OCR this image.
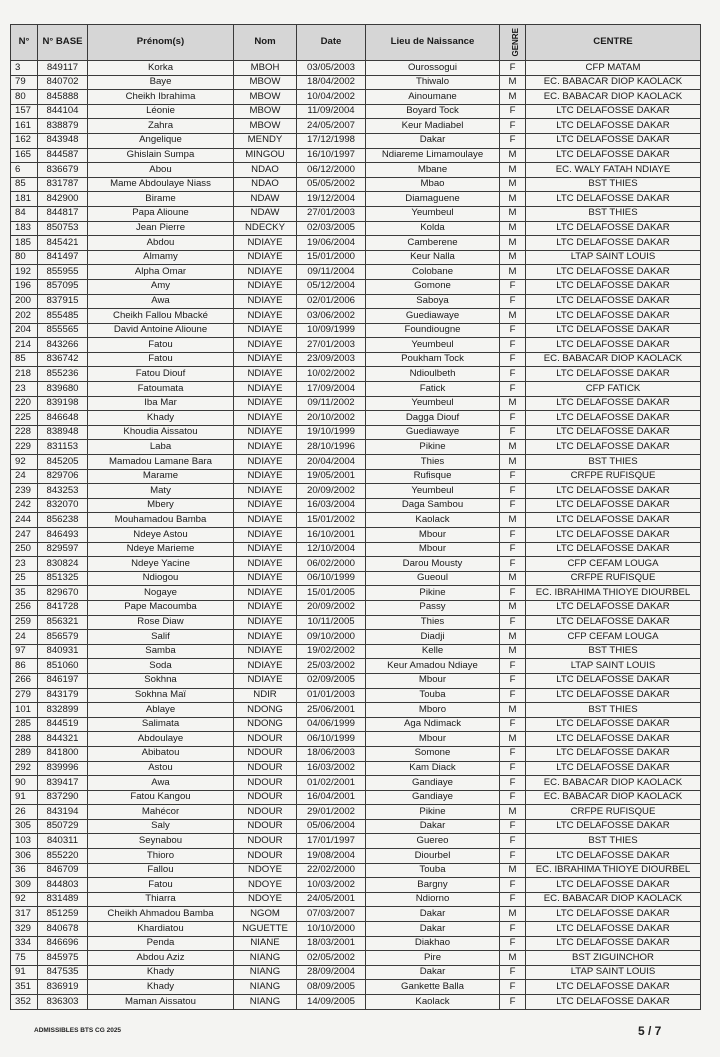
N°	N° BASE	Prénom(s)	Nom	Date	Lieu de Naissance	GENRE	CENTRE
3	849117	Korka	MBOH	03/05/2003	Ourossogui	F	CFP MATAM
79	840702	Baye	MBOW	18/04/2002	Thiwalo	M	EC. BABACAR DIOP KAOLACK
80	845888	Cheikh Ibrahima	MBOW	10/04/2002	Ainoumane	M	EC. BABACAR DIOP KAOLACK
157	844104	Léonie	MBOW	11/09/2004	Boyard Tock	F	LTC DELAFOSSE DAKAR
161	838879	Zahra	MBOW	24/05/2007	Keur Madiabel	F	LTC DELAFOSSE DAKAR
162	843948	Angelique	MENDY	17/12/1998	Dakar	F	LTC DELAFOSSE DAKAR
165	844587	Ghislain Sumpa	MINGOU	16/10/1997	Ndiareme Limamoulaye	M	LTC DELAFOSSE DAKAR
6	836679	Abou	NDAO	06/12/2000	Mbane	M	EC. WALY FATAH NDIAYE
85	831787	Mame Abdoulaye Niass	NDAO	05/05/2002	Mbao	M	BST THIES
181	842900	Birame	NDAW	19/12/2004	Diamaguene	M	LTC DELAFOSSE DAKAR
84	844817	Papa Alioune	NDAW	27/01/2003	Yeumbeul	M	BST THIES
183	850753	Jean Pierre	NDECKY	02/03/2005	Kolda	M	LTC DELAFOSSE DAKAR
185	845421	Abdou	NDIAYE	19/06/2004	Camberene	M	LTC DELAFOSSE DAKAR
80	841497	Almamy	NDIAYE	15/01/2000	Keur Nalla	M	LTAP SAINT LOUIS
192	855955	Alpha Omar	NDIAYE	09/11/2004	Colobane	M	LTC DELAFOSSE DAKAR
196	857095	Amy	NDIAYE	05/12/2004	Gomone	F	LTC DELAFOSSE DAKAR
200	837915	Awa	NDIAYE	02/01/2006	Saboya	F	LTC DELAFOSSE DAKAR
202	855485	Cheikh Fallou Mbacké	NDIAYE	03/06/2002	Guediawaye	M	LTC DELAFOSSE DAKAR
204	855565	David Antoine Alioune	NDIAYE	10/09/1999	Foundiougne	F	LTC DELAFOSSE DAKAR
214	843266	Fatou	NDIAYE	27/01/2003	Yeumbeul	F	LTC DELAFOSSE DAKAR
85	836742	Fatou	NDIAYE	23/09/2003	Poukham Tock	F	EC. BABACAR DIOP KAOLACK
218	855236	Fatou Diouf	NDIAYE	10/02/2002	Ndioulbeth	F	LTC DELAFOSSE DAKAR
23	839680	Fatoumata	NDIAYE	17/09/2004	Fatick	F	CFP FATICK
220	839198	Iba Mar	NDIAYE	09/11/2002	Yeumbeul	M	LTC DELAFOSSE DAKAR
225	846648	Khady	NDIAYE	20/10/2002	Dagga Diouf	F	LTC DELAFOSSE DAKAR
228	838948	Khoudia Aissatou	NDIAYE	19/10/1999	Guediawaye	F	LTC DELAFOSSE DAKAR
229	831153	Laba	NDIAYE	28/10/1996	Pikine	M	LTC DELAFOSSE DAKAR
92	845205	Mamadou Lamane Bara	NDIAYE	20/04/2004	Thies	M	BST THIES
24	829706	Marame	NDIAYE	19/05/2001	Rufisque	F	CRFPE RUFISQUE
239	843253	Maty	NDIAYE	20/09/2002	Yeumbeul	F	LTC DELAFOSSE DAKAR
242	832070	Mbery	NDIAYE	16/03/2004	Daga Sambou	F	LTC DELAFOSSE DAKAR
244	856238	Mouhamadou Bamba	NDIAYE	15/01/2002	Kaolack	M	LTC DELAFOSSE DAKAR
247	846493	Ndeye Astou	NDIAYE	16/10/2001	Mbour	F	LTC DELAFOSSE DAKAR
250	829597	Ndeye Marieme	NDIAYE	12/10/2004	Mbour	F	LTC DELAFOSSE DAKAR
23	830824	Ndeye Yacine	NDIAYE	06/02/2000	Darou Mousty	F	CFP CEFAM LOUGA
25	851325	Ndiogou	NDIAYE	06/10/1999	Gueoul	M	CRFPE RUFISQUE
35	829670	Nogaye	NDIAYE	15/01/2005	Pikine	F	EC. IBRAHIMA THIOYE DIOURBEL
256	841728	Pape Macoumba	NDIAYE	20/09/2002	Passy	M	LTC DELAFOSSE DAKAR
259	856321	Rose Diaw	NDIAYE	10/11/2005	Thies	F	LTC DELAFOSSE DAKAR
24	856579	Salif	NDIAYE	09/10/2000	Diadji	M	CFP CEFAM LOUGA
97	840931	Samba	NDIAYE	19/02/2002	Kelle	M	BST THIES
86	851060	Soda	NDIAYE	25/03/2002	Keur Amadou Ndiaye	F	LTAP SAINT LOUIS
266	846197	Sokhna	NDIAYE	02/09/2005	Mbour	F	LTC DELAFOSSE DAKAR
279	843179	Sokhna Maï	NDIR	01/01/2003	Touba	F	LTC DELAFOSSE DAKAR
101	832899	Ablaye	NDONG	25/06/2001	Mboro	M	BST THIES
285	844519	Salimata	NDONG	04/06/1999	Aga Ndimack	F	LTC DELAFOSSE DAKAR
288	844321	Abdoulaye	NDOUR	06/10/1999	Mbour	M	LTC DELAFOSSE DAKAR
289	841800	Abibatou	NDOUR	18/06/2003	Somone	F	LTC DELAFOSSE DAKAR
292	839996	Astou	NDOUR	16/03/2002	Kam Diack	F	LTC DELAFOSSE DAKAR
90	839417	Awa	NDOUR	01/02/2001	Gandiaye	F	EC. BABACAR DIOP KAOLACK
91	837290	Fatou Kangou	NDOUR	16/04/2001	Gandiaye	F	EC. BABACAR DIOP KAOLACK
26	843194	Mahécor	NDOUR	29/01/2002	Pikine	M	CRFPE RUFISQUE
305	850729	Saly	NDOUR	05/06/2004	Dakar	F	LTC DELAFOSSE DAKAR
103	840311	Seynabou	NDOUR	17/01/1997	Guereo	F	BST THIES
306	855220	Thioro	NDOUR	19/08/2004	Diourbel	F	LTC DELAFOSSE DAKAR
36	846709	Fallou	NDOYE	22/02/2000	Touba	M	EC. IBRAHIMA THIOYE DIOURBEL
309	844803	Fatou	NDOYE	10/03/2002	Bargny	F	LTC DELAFOSSE DAKAR
92	831489	Thiarra	NDOYE	24/05/2001	Ndiorno	F	EC. BABACAR DIOP KAOLACK
317	851259	Cheikh Ahmadou Bamba	NGOM	07/03/2007	Dakar	M	LTC DELAFOSSE DAKAR
329	840678	Khardiatou	NGUETTE	10/10/2000	Dakar	F	LTC DELAFOSSE DAKAR
334	846696	Penda	NIANE	18/03/2001	Diakhao	F	LTC DELAFOSSE DAKAR
75	845975	Abdou Aziz	NIANG	02/05/2002	Pire	M	BST ZIGUINCHOR
91	847535	Khady	NIANG	28/09/2004	Dakar	F	LTAP SAINT LOUIS
351	836919	Khady	NIANG	08/09/2005	Gankette Balla	F	LTC DELAFOSSE DAKAR
352	836303	Maman Aissatou	NIANG	14/09/2005	Kaolack	F	LTC DELAFOSSE DAKAR
ADMISSIBLES BTS CG 2025	5 / 7
